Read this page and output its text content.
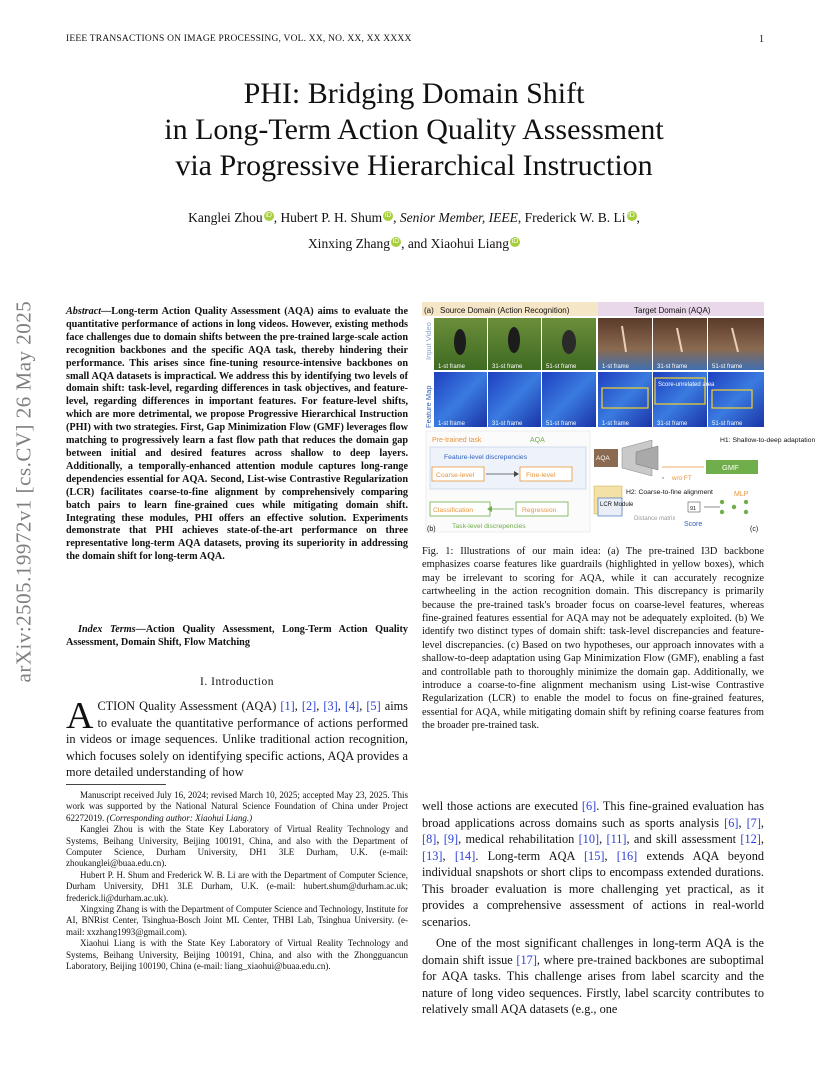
IEEE TRANSACTIONS ON IMAGE PROCESSING, VOL. XX, NO. XX, XX XXXX	1
PHI: Bridging Domain Shift
in Long-Term Action Quality Assessment
via Progressive Hierarchical Instruction
Kanglei Zhou iD , Hubert P. H. Shum iD , Senior Member, IEEE, Frederick W. B. Li iD ,
Xinxing Zhang iD , and Xiaohui Liang iD
arXiv:2505.19972v1 [cs.CV] 26 May 2025	Abstract—Long-term Action Quality Assessment (AQA) aims to evaluate the quantitative performance of actions in long videos. However, existing methods face challenges due to domain shifts between the pre-trained large-scale action recognition backbones and the specific AQA task, thereby hindering their performance. This arises since fine-tuning resource-intensive backbones on small AQA datasets is impractical. We address this by identifying two levels of domain shift: task-level, regarding differences in task objectives, and feature-level, regarding differences in important features. For feature-level shifts, which are more detrimental, we propose Progressive Hierarchical Instruction (PHI) with two strategies. First, Gap Minimization Flow (GMF) leverages flow matching to progressively learn a fast flow path that reduces the domain gap between initial and desired features across shallow to deep layers. Additionally, a temporally-enhanced attention module captures long-range dependencies essential for AQA. Second, List-wise Contrastive Regularization (LCR) facilitates coarse-to-fine alignment by comprehensively comparing batch pairs to learn fine-grained cues while mitigating domain shift. Integrating these modules, PHI offers an effective solution. Experiments demonstrate that PHI achieves state-of-the-art performance on three representative long-term AQA datasets, proving its superiority in addressing the domain shift for long-term AQA.
Index Terms—Action Quality Assessment, Long-Term Action Quality Assessment, Domain Shift, Flow Matching
I. Introduction
ACTION Quality Assessment (AQA) [1], [2], [3], [4], [5] aims to evaluate the quantitative performance of actions performed in videos or image sequences. Unlike traditional action recognition, which focuses solely on identifying specific actions, AQA provides a more detailed understanding of how

Manuscript received July 16, 2024; revised March 10, 2025; accepted May 23, 2025. This work was supported by the National Natural Science Foundation of China under Project 62272019. (Corresponding author: Xiaohui Liang.)

Kanglei Zhou is with the State Key Laboratory of Virtual Reality Technology and Systems, Beihang University, Beijing 100191, China, and also with the Department of Computer Science, Durham University, DH1 3LE Durham, U.K. (e-mail: zhoukanglei@buaa.edu.cn).

Hubert P. H. Shum and Frederick W. B. Li are with the Department of Computer Science, Durham University, DH1 3LE Durham, U.K. (e-mail: hubert.shum@durham.ac.uk; frederick.li@durham.ac.uk).

Xingxing Zhang is with the Department of Computer Science and Technology, Institute for AI, BNRist Center, Tsinghua-Bosch Joint ML Center, THBI Lab, Tsinghua University. (e-mail: xxzhang1993@gmail.com).

Xiaohui Liang is with the State Key Laboratory of Virtual Reality Technology and Systems, Beihang University, Beijing 100191, China, and also with the Zhongguancun Laboratory, Beijing 100190, China (e-mail: liang_xiaohui@buaa.edu.cn).

(a) Source Domain (Action Recognition)	Target Domain (AQA)
Input Video
Feature Map
1-st frame	31-st frame	51-st frame	1-st frame	31-st frame	51-st frame
Score-unrelated area
1-st frame	31-st frame	51-st frame	1-st frame	31-st frame	51-st frame
Pre-trained task	AQA
Feature-level discrepencies
Coarse-level	Fine-level
Classification	Regression
Task-level discrepencies
(b)
AQA
H1: Shallow-to-deep adaptation
GMF
w/o FT
▫
LCR Module
H2: Coarse-to-fine alignment
Distance matrix
91
Score
MLP
(c)
Fig. 1: Illustrations of our main idea: (a) The pre-trained I3D backbone emphasizes coarse features like guardrails (highlighted in yellow boxes), which may be irrelevant to scoring for AQA, while it can accurately recognize cartwheeling in the action recognition domain. This discrepancy is primarily because the pre-trained task's broader focus on coarse-level features, whereas fine-grained features essential for AQA may not be adequately exploited. (b) We identify two distinct types of domain shift: task-level discrepancies and feature-level discrepancies. (c) Based on two hypotheses, our approach innovates with a shallow-to-deep adaptation using Gap Minimization Flow (GMF), enabling a fast and controllable path to thoroughly minimize the domain gap. Additionally, we introduce a coarse-to-fine alignment mechanism using List-wise Contrastive Regularization (LCR) to enable the model to focus on fine-grained features, essential for AQA, while mitigating domain shift by refining coarse features from the broader pre-trained task.

well those actions are executed [6]. This fine-grained evaluation has broad applications across domains such as sports analysis [6], [7], [8], [9], medical rehabilitation [10], [11], and skill assessment [12], [13], [14]. Long-term AQA [15], [16] extends AQA beyond individual snapshots or short clips to encompass extended durations. This broader evaluation is more challenging yet practical, as it provides a comprehensive assessment of actions in real-world scenarios.

One of the most significant challenges in long-term AQA is the domain shift issue [17], where pre-trained backbones are suboptimal for AQA tasks. This challenge arises from label scarcity and the nature of long video sequences. Firstly, label scarcity contributes to relatively small AQA datasets (e.g., one
